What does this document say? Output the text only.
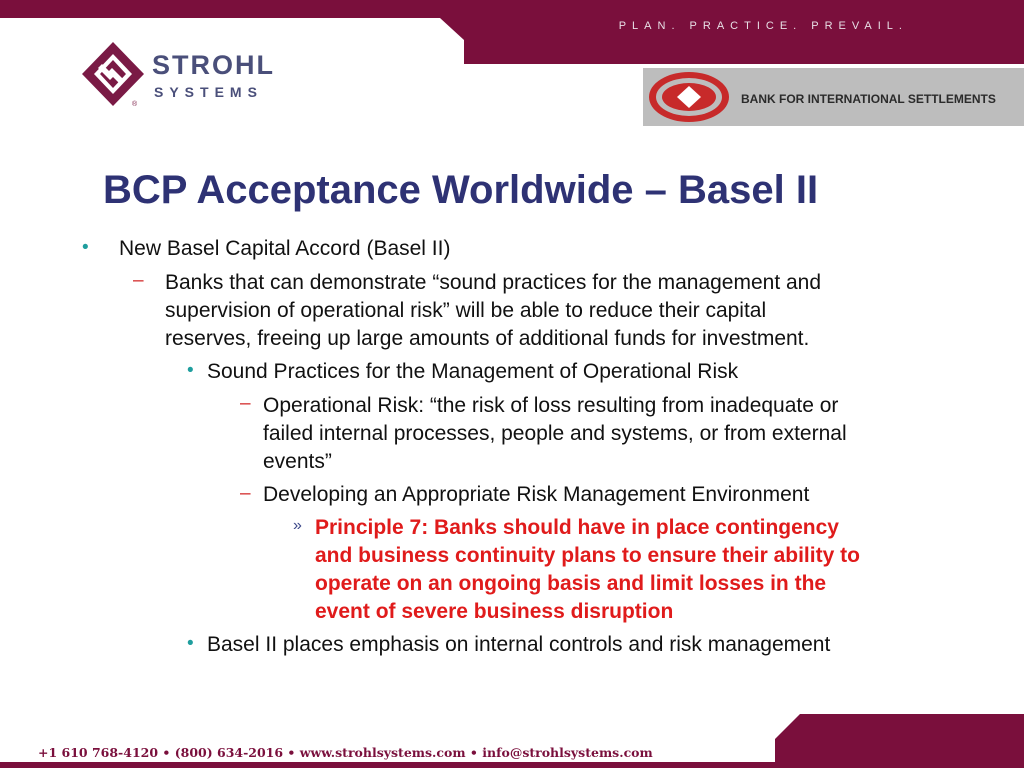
PLAN. PRACTICE. PREVAIL.
®
STROHL
SYSTEMS	BANK FOR INTERNATIONAL SETTLEMENTS
BCP Acceptance Worldwide – Basel II
• New Basel Capital Accord (Basel II)
– Banks that can demonstrate “sound practices for the management and
supervision of operational risk” will be able to reduce their capital
reserves, freeing up large amounts of additional funds for investment.
• Sound Practices for the Management of Operational Risk
– Operational Risk: “the risk of loss resulting from inadequate or
failed internal processes, people and systems, or from external
events”
– Developing an Appropriate Risk Management Environment
» Principle 7: Banks should have in place contingency
and business continuity plans to ensure their ability to
operate on an ongoing basis and limit losses in the
event of severe business disruption
• Basel II places emphasis on internal controls and risk management
+1 610 768-4120 • (800) 634-2016 • www.strohlsystems.com • info@strohlsystems.com
